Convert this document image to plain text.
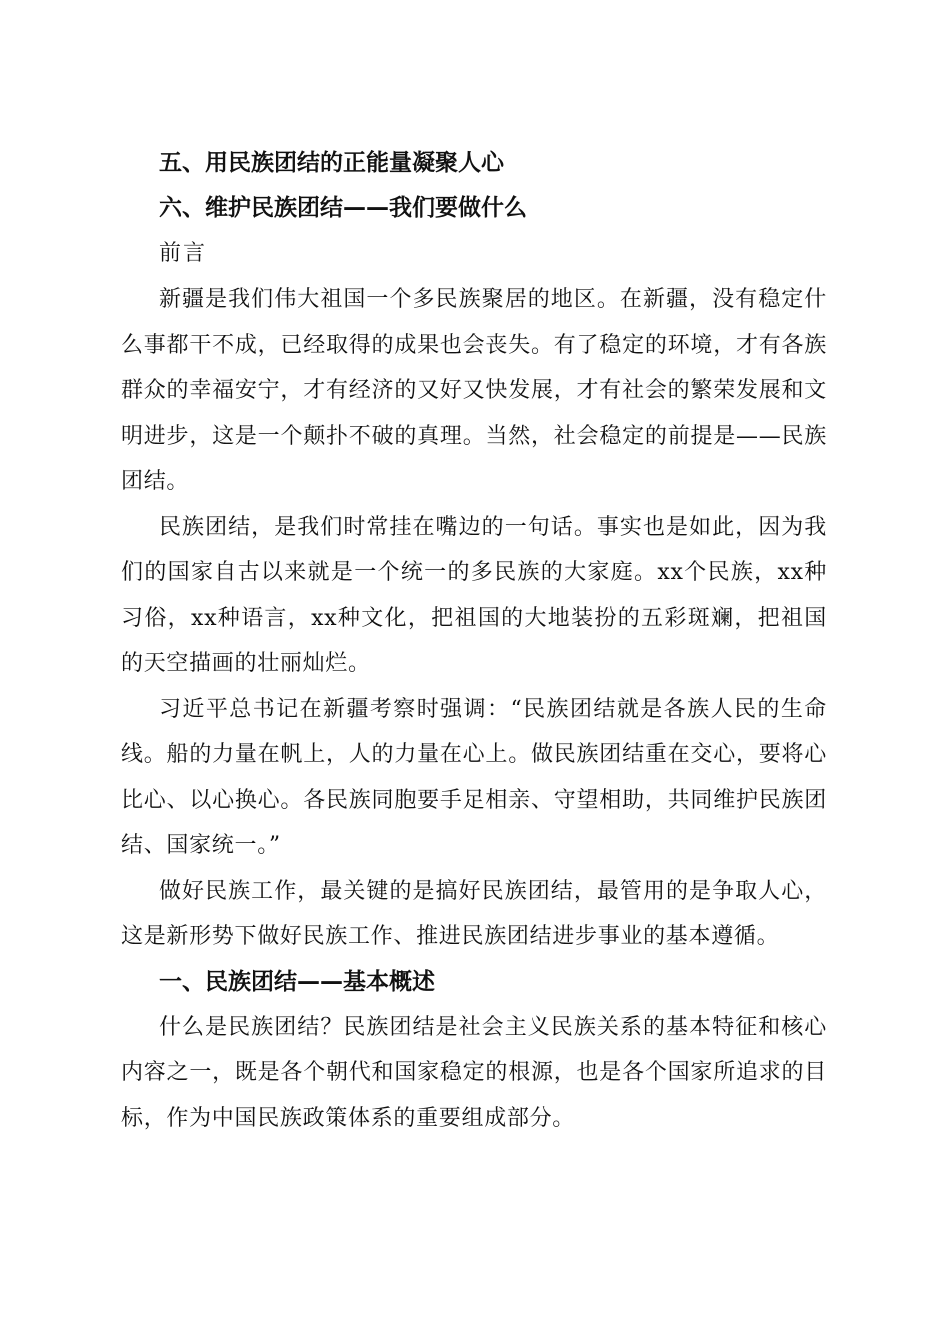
五、用民族团结的正能量凝聚人心

六、维护民族团结——我们要做什么

前言

新疆是我们伟大祖国一个多民族聚居的地区。在新疆，没有稳定什么事都干不成，已经取得的成果也会丧失。有了稳定的环境，才有各族群众的幸福安宁，才有经济的又好又快发展，才有社会的繁荣发展和文明进步，这是一个颠扑不破的真理。当然，社会稳定的前提是——民族团结。

民族团结，是我们时常挂在嘴边的一句话。事实也是如此，因为我们的国家自古以来就是一个统一的多民族的大家庭。xx个民族，xx种习俗，xx种语言，xx种文化，把祖国的大地装扮的五彩斑斓，把祖国的天空描画的壮丽灿烂。

习近平总书记在新疆考察时强调：“民族团结就是各族人民的生命线。船的力量在帆上，人的力量在心上。做民族团结重在交心，要将心比心、以心换心。各民族同胞要手足相亲、守望相助，共同维护民族团结、国家统一。”

做好民族工作，最关键的是搞好民族团结，最管用的是争取人心，这是新形势下做好民族工作、推进民族团结进步事业的基本遵循。

一、民族团结——基本概述

什么是民族团结？民族团结是社会主义民族关系的基本特征和核心内容之一，既是各个朝代和国家稳定的根源，也是各个国家所追求的目标，作为中国民族政策体系的重要组成部分。
